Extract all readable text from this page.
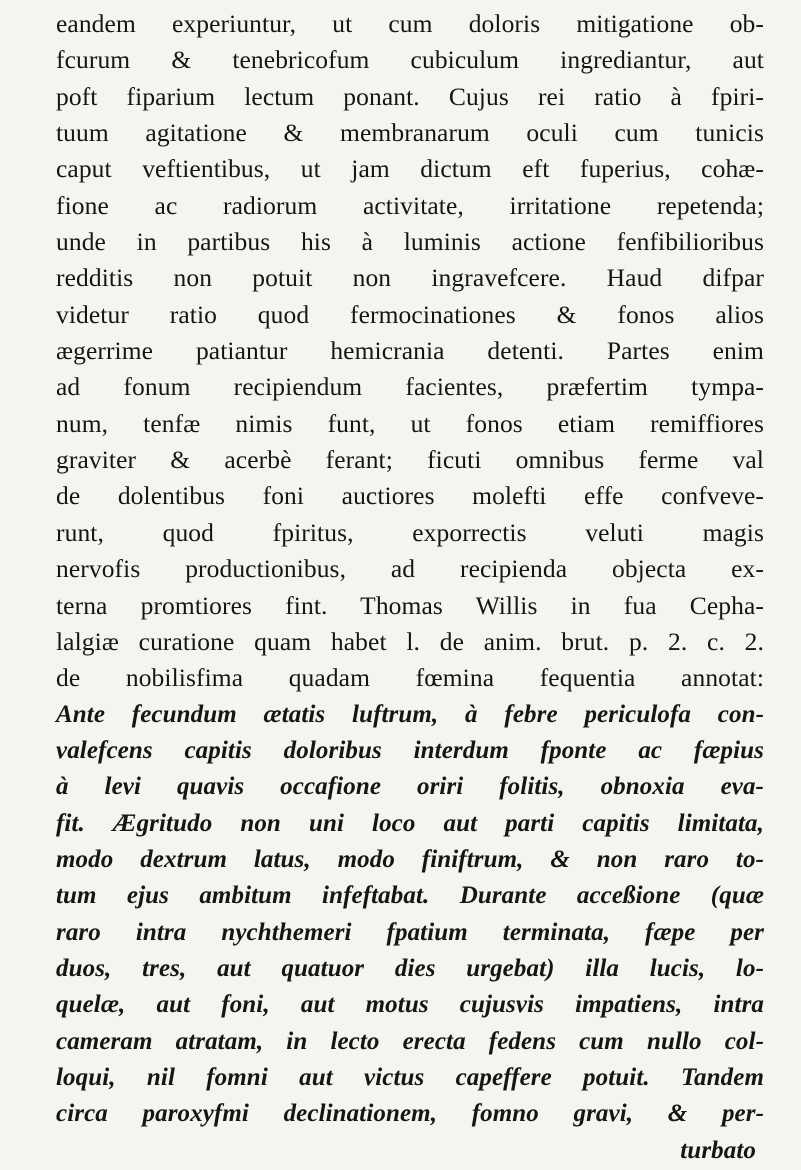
eandem experiuntur, ut cum doloris mitigatione ob-
fcurum & tenebricofum cubiculum ingrediantur, aut
poft fiparium lectum ponant. Cujus rei ratio à fpiri-
tuum agitatione & membranarum oculi cum tunicis
caput veftientibus, ut jam dictum eft fuperius, cohæ-
fione ac radiorum activitate, irritatione repetenda;
unde in partibus his à luminis actione fenfibilioribus
redditis non potuit non ingravefcere. Haud difpar
videtur ratio quod fermocinationes & fonos alios
ægerrime patiantur hemicrania detenti. Partes enim
ad fonum recipiendum facientes, præfertim tympa-
num, tenfæ nimis funt, ut fonos etiam remiffiores
graviter & acerbè ferant; ficuti omnibus ferme val
de dolentibus foni auctiores molefti effe confveve-
runt, quod fpiritus, exporrectis veluti magis
nervofis productionibus, ad recipienda objecta ex-
terna promtiores fint. Thomas Willis in fua Cepha-
lalgiæ curatione quam habet l. de anim. brut. p. 2. c. 2.
de nobilisfima quadam fœmina fequentia annotat:
Ante fecundum ætatis luftrum, à febre periculofa con-
valefcens capitis doloribus interdum fponte ac fæpius
à levi quavis occafione oriri folitis, obnoxia eva-
fit. Ægritudo non uni loco aut parti capitis limitata,
modo dextrum latus, modo finiftrum, & non raro to-
tum ejus ambitum infeftabat. Durante acceßione (quæ
raro intra nychthemeri fpatium terminata, fæpe per
duos, tres, aut quatuor dies urgebat) illa lucis, lo-
quelæ, aut foni, aut motus cujusvis impatiens, intra
cameram atratam, in lecto erecta fedens cum nullo col-
loqui, nil fomni aut victus capeffere potuit. Tandem
circa paroxyfmi declinationem, fomno gravi, & per-
turbato
